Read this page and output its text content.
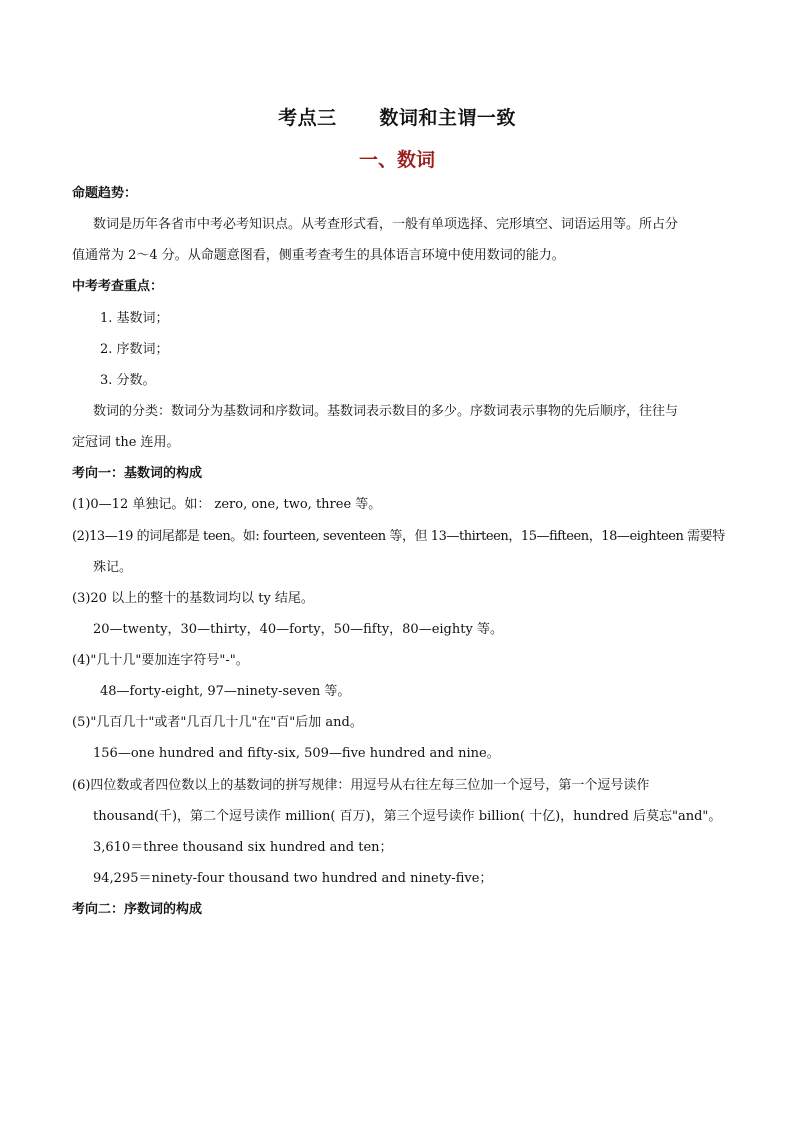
考点三      数词和主谓一致
一、数词
命题趋势：
数词是历年各省市中考必考知识点。从考查形式看，一般有单项选择、完形填空、词语运用等。所占分
值通常为 2～4 分。从命题意图看，侧重考查考生的具体语言环境中使用数词的能力。
中考考查重点：
1. 基数词；
2. 序数词；
3. 分数。
数词的分类：数词分为基数词和序数词。基数词表示数目的多少。序数词表示事物的先后顺序，往往与
定冠词 the 连用。
考向一：基数词的构成
(1)0—12 单独记。如： zero, one, two, three 等。
(2)13—19 的词尾都是 teen。如: fourteen, seventeen 等，但 13—thirteen，15—fifteen，18—eighteen 需要特
殊记。
(3)20 以上的整十的基数词均以 ty 结尾。
20—twenty，30—thirty，40—forty，50—fifty，80—eighty 等。
(4)"几十几"要加连字符号"-"。
48—forty-eight, 97—ninety-seven 等。
(5)"几百几十"或者"几百几十几"在"百"后加 and。
156—one hundred and fifty-six, 509—five hundred and nine。
(6)四位数或者四位数以上的基数词的拼写规律：用逗号从右往左每三位加一个逗号，第一个逗号读作
thousand(千)，第二个逗号读作 million( 百万)，第三个逗号读作 billion( 十亿)，hundred 后莫忘"and"。
3,610＝three thousand six hundred and ten；
94,295＝ninety-four thousand two hundred and ninety-five；
考向二：序数词的构成
